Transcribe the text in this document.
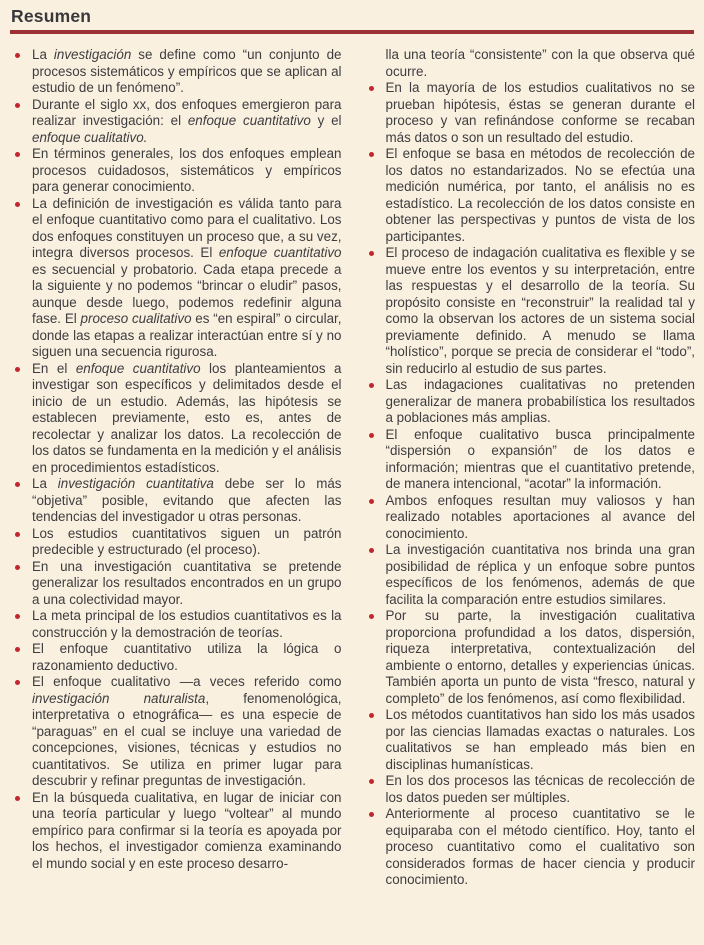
Resumen
La investigación se define como “un conjunto de procesos sistemáticos y empíricos que se aplican al estudio de un fenómeno”.
Durante el siglo xx, dos enfoques emergieron para realizar investigación: el enfoque cuantitativo y el enfoque cualitativo.
En términos generales, los dos enfoques emplean procesos cuidadosos, sistemáticos y empíricos para generar conocimiento.
La definición de investigación es válida tanto para el enfoque cuantitativo como para el cualitativo. Los dos enfoques constituyen un proceso que, a su vez, integra diversos procesos. El enfoque cuantitativo es secuencial y probatorio. Cada etapa precede a la siguiente y no podemos “brincar o eludir” pasos, aunque desde luego, podemos redefinir alguna fase. El proceso cualitativo es “en espiral” o circular, donde las etapas a realizar interactúan entre sí y no siguen una secuencia rigurosa.
En el enfoque cuantitativo los planteamientos a investigar son específicos y delimitados desde el inicio de un estudio. Además, las hipótesis se establecen previamente, esto es, antes de recolectar y analizar los datos. La recolección de los datos se fundamenta en la medición y el análisis en procedimientos estadísticos.
La investigación cuantitativa debe ser lo más “objetiva” posible, evitando que afecten las tendencias del investigador u otras personas.
Los estudios cuantitativos siguen un patrón predecible y estructurado (el proceso).
En una investigación cuantitativa se pretende generalizar los resultados encontrados en un grupo a una colectividad mayor.
La meta principal de los estudios cuantitativos es la construcción y la demostración de teorías.
El enfoque cuantitativo utiliza la lógica o razonamiento deductivo.
El enfoque cualitativo —a veces referido como investigación naturalista, fenomenológica, interpretativa o etnográfica— es una especie de “paraguas” en el cual se incluye una variedad de concepciones, visiones, técnicas y estudios no cuantitativos. Se utiliza en primer lugar para descubrir y refinar preguntas de investigación.
En la búsqueda cualitativa, en lugar de iniciar con una teoría particular y luego “voltear” al mundo empírico para confirmar si la teoría es apoyada por los hechos, el investigador comienza examinando el mundo social y en este proceso desarro-
lla una teoría “consistente” con la que observa qué ocurre.
En la mayoría de los estudios cualitativos no se prueban hipótesis, éstas se generan durante el proceso y van refinándose conforme se recaban más datos o son un resultado del estudio.
El enfoque se basa en métodos de recolección de los datos no estandarizados. No se efectúa una medición numérica, por tanto, el análisis no es estadístico. La recolección de los datos consiste en obtener las perspectivas y puntos de vista de los participantes.
El proceso de indagación cualitativa es flexible y se mueve entre los eventos y su interpretación, entre las respuestas y el desarrollo de la teoría. Su propósito consiste en “reconstruir” la realidad tal y como la observan los actores de un sistema social previamente definido. A menudo se llama “holístico”, porque se precia de considerar el “todo”, sin reducirlo al estudio de sus partes.
Las indagaciones cualitativas no pretenden generalizar de manera probabilística los resultados a poblaciones más amplias.
El enfoque cualitativo busca principalmente “dispersión o expansión” de los datos e información; mientras que el cuantitativo pretende, de manera intencional, “acotar” la información.
Ambos enfoques resultan muy valiosos y han realizado notables aportaciones al avance del conocimiento.
La investigación cuantitativa nos brinda una gran posibilidad de réplica y un enfoque sobre puntos específicos de los fenómenos, además de que facilita la comparación entre estudios similares.
Por su parte, la investigación cualitativa proporciona profundidad a los datos, dispersión, riqueza interpretativa, contextualización del ambiente o entorno, detalles y experiencias únicas. También aporta un punto de vista “fresco, natural y completo” de los fenómenos, así como flexibilidad.
Los métodos cuantitativos han sido los más usados por las ciencias llamadas exactas o naturales. Los cualitativos se han empleado más bien en disciplinas humanísticas.
En los dos procesos las técnicas de recolección de los datos pueden ser múltiples.
Anteriormente al proceso cuantitativo se le equiparaba con el método científico. Hoy, tanto el proceso cuantitativo como el cualitativo son considerados formas de hacer ciencia y producir conocimiento.
